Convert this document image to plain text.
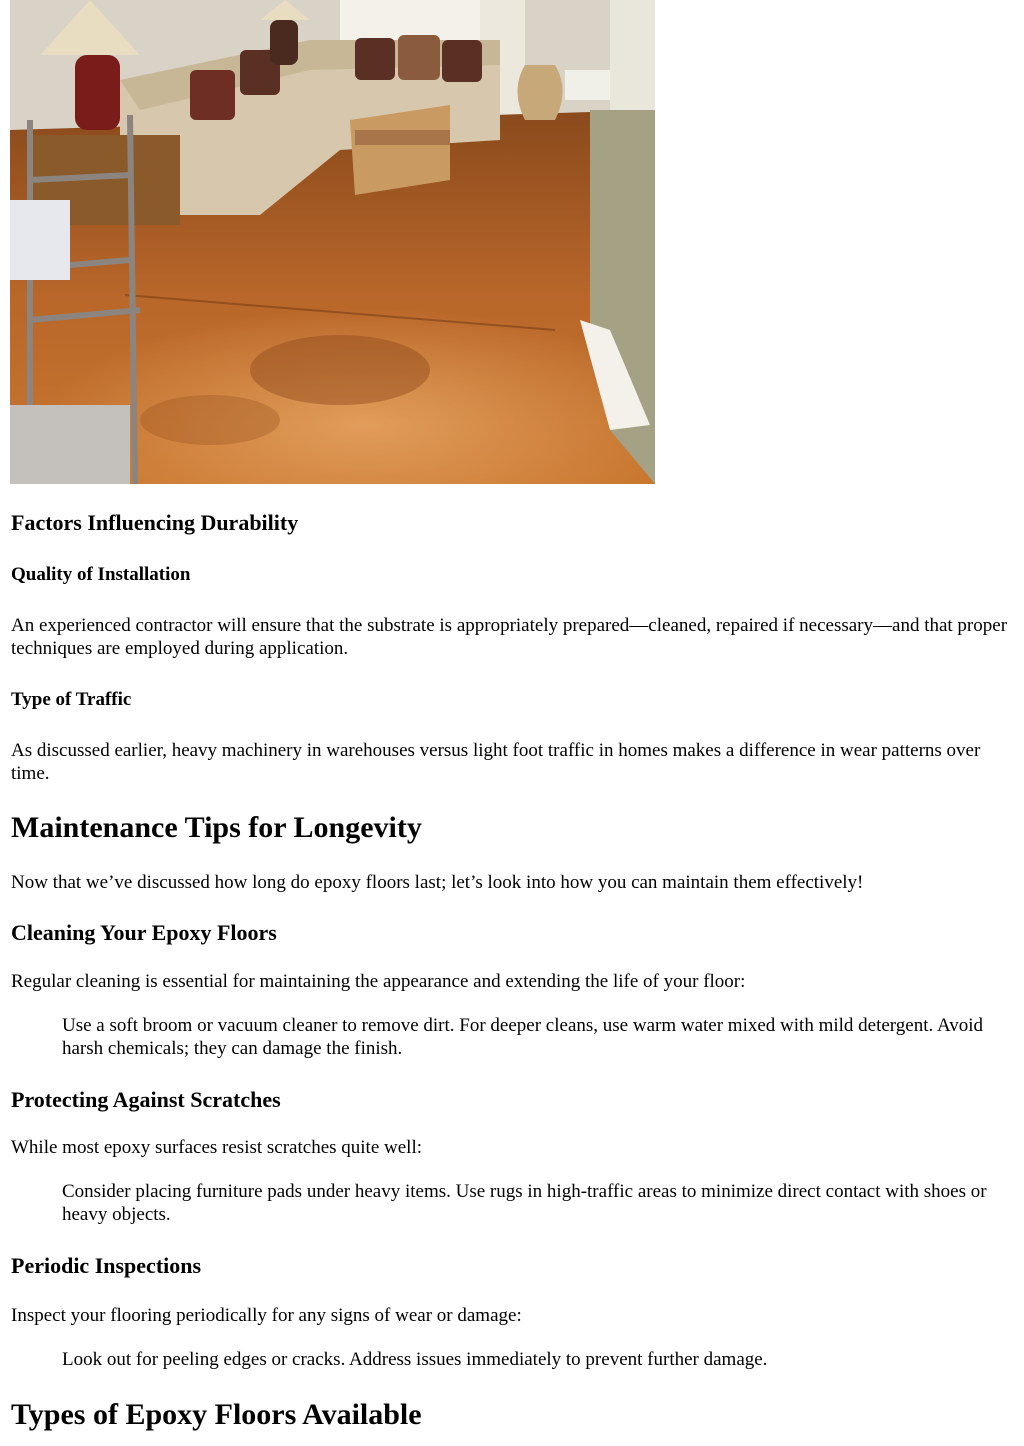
Factors Influencing Durability
Quality of Installation

An experienced contractor will ensure that the substrate is appropriately prepared—cleaned, repaired if necessary—and that proper techniques are employed during application.

Type of Traffic

As discussed earlier, heavy machinery in warehouses versus light foot traffic in homes makes a difference in wear patterns over time.

Maintenance Tips for Longevity

Now that we’ve discussed how long do epoxy floors last; let’s look into how you can maintain them effectively!

Cleaning Your Epoxy Floors

Regular cleaning is essential for maintaining the appearance and extending the life of your floor:

Use a soft broom or vacuum cleaner to remove dirt. For deeper cleans, use warm water mixed with mild detergent. Avoid harsh chemicals; they can damage the finish.
Protecting Against Scratches

While most epoxy surfaces resist scratches quite well:

Consider placing furniture pads under heavy items. Use rugs in high-traffic areas to minimize direct contact with shoes or heavy objects.
Periodic Inspections

Inspect your flooring periodically for any signs of wear or damage:

Look out for peeling edges or cracks. Address issues immediately to prevent further damage.
Types of Epoxy Floors Available
